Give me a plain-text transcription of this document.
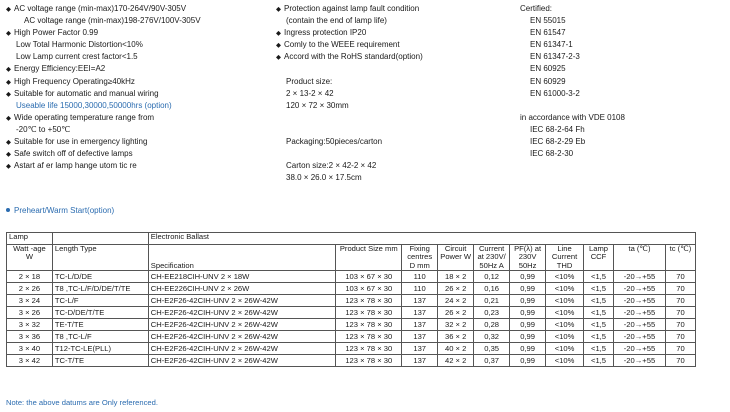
◆ AC voltage range (min-max)170-264V/90V-305V
AC voltage range (min-max)198-276V/100V-305V
◆ High Power Factor 0.99
Low Total Harmonic Distortion<10%
Low Lamp current crest factor<1.5
◆ Energy Efficiency:EEI=A2
◆ High Frequency Operating≥40kHz
◆ Suitable for automatic and manual wiring
Useable life 15000,30000,50000hrs (option)
◆ Wide operating temperature range from
-20℃ to +50℃
◆ Suitable for use in emergency lighting
◆ Safe switch off of defective lamps
◆ Astart af er lamp hange utom tic re
◆ Protection against lamp fault condition
(contain the end of lamp life)
◆ Ingress protection IP20
◆ Comly to the WEEE requirement
◆ Accord with the RoHS standard(option)
Product size:
2 × 13-2 × 42
120 × 72 × 30mm
Packaging:50pieces/carton
Carton size:2 × 42-2 × 42
38.0 × 26.0 × 17.5cm
Certified:
EN 55015
EN 61547
EN 61347-1
EN 61347-2-3
EN 60925
EN 60929
EN 61000-3-2
in accordance with VDE 0108
IEC 68-2-64 Fh
IEC 68-2-29 Eb
IEC 68-2-30
Preheart/Warm Start(option)
Lamp		Electronic Ballast									
Watt -age W	Length Type	Specification	Product Size mm	Fixing centres D mm	Circuit Power W	Current at 230V/ 50Hz A	PF(λ) at 230V 50Hz	Line Current THD	Lamp CCF	ta (℃)	tc (℃)
2 × 18	TC-L/D/DE	CH-EE218CIH-UNV 2 × 18W	103 × 67 × 30	110	18 × 2	0,12	0,99	<10%	<1,5	-20→+55	70
2 × 26	T8 ,TC-L/F/D/DE/T/TE	CH-EE226CIH-UNV 2 × 26W	103 × 67 × 30	110	26 × 2	0,16	0,99	<10%	<1,5	-20→+55	70
3 × 24	TC-L/F	CH-E2F26-42CIH-UNV 2 × 26W-42W	123 × 78 × 30	137	24 × 2	0,21	0,99	<10%	<1,5	-20→+55	70
3 × 26	TC-D/DE/T/TE	CH-E2F26-42CIH-UNV 2 × 26W-42W	123 × 78 × 30	137	26 × 2	0,23	0,99	<10%	<1,5	-20→+55	70
3 × 32	TE-T/TE	CH-E2F26-42CIH-UNV 2 × 26W-42W	123 × 78 × 30	137	32 × 2	0,28	0,99	<10%	<1,5	-20→+55	70
3 × 36	T8 ,TC-L/F	CH-E2F26-42CIH-UNV 2 × 26W-42W	123 × 78 × 30	137	36 × 2	0,32	0,99	<10%	<1,5	-20→+55	70
3 × 40	T12-TC-LE(PLL)	CH-E2F26-42CIH-UNV 2 × 26W-42W	123 × 78 × 30	137	40 × 2	0,35	0,99	<10%	<1,5	-20→+55	70
3 × 42	TC-T/TE	CH-E2F26-42CIH-UNV 2 × 26W-42W	123 × 78 × 30	137	42 × 2	0,37	0,99	<10%	<1,5	-20→+55	70
Note: the above datums are Only referenced.
